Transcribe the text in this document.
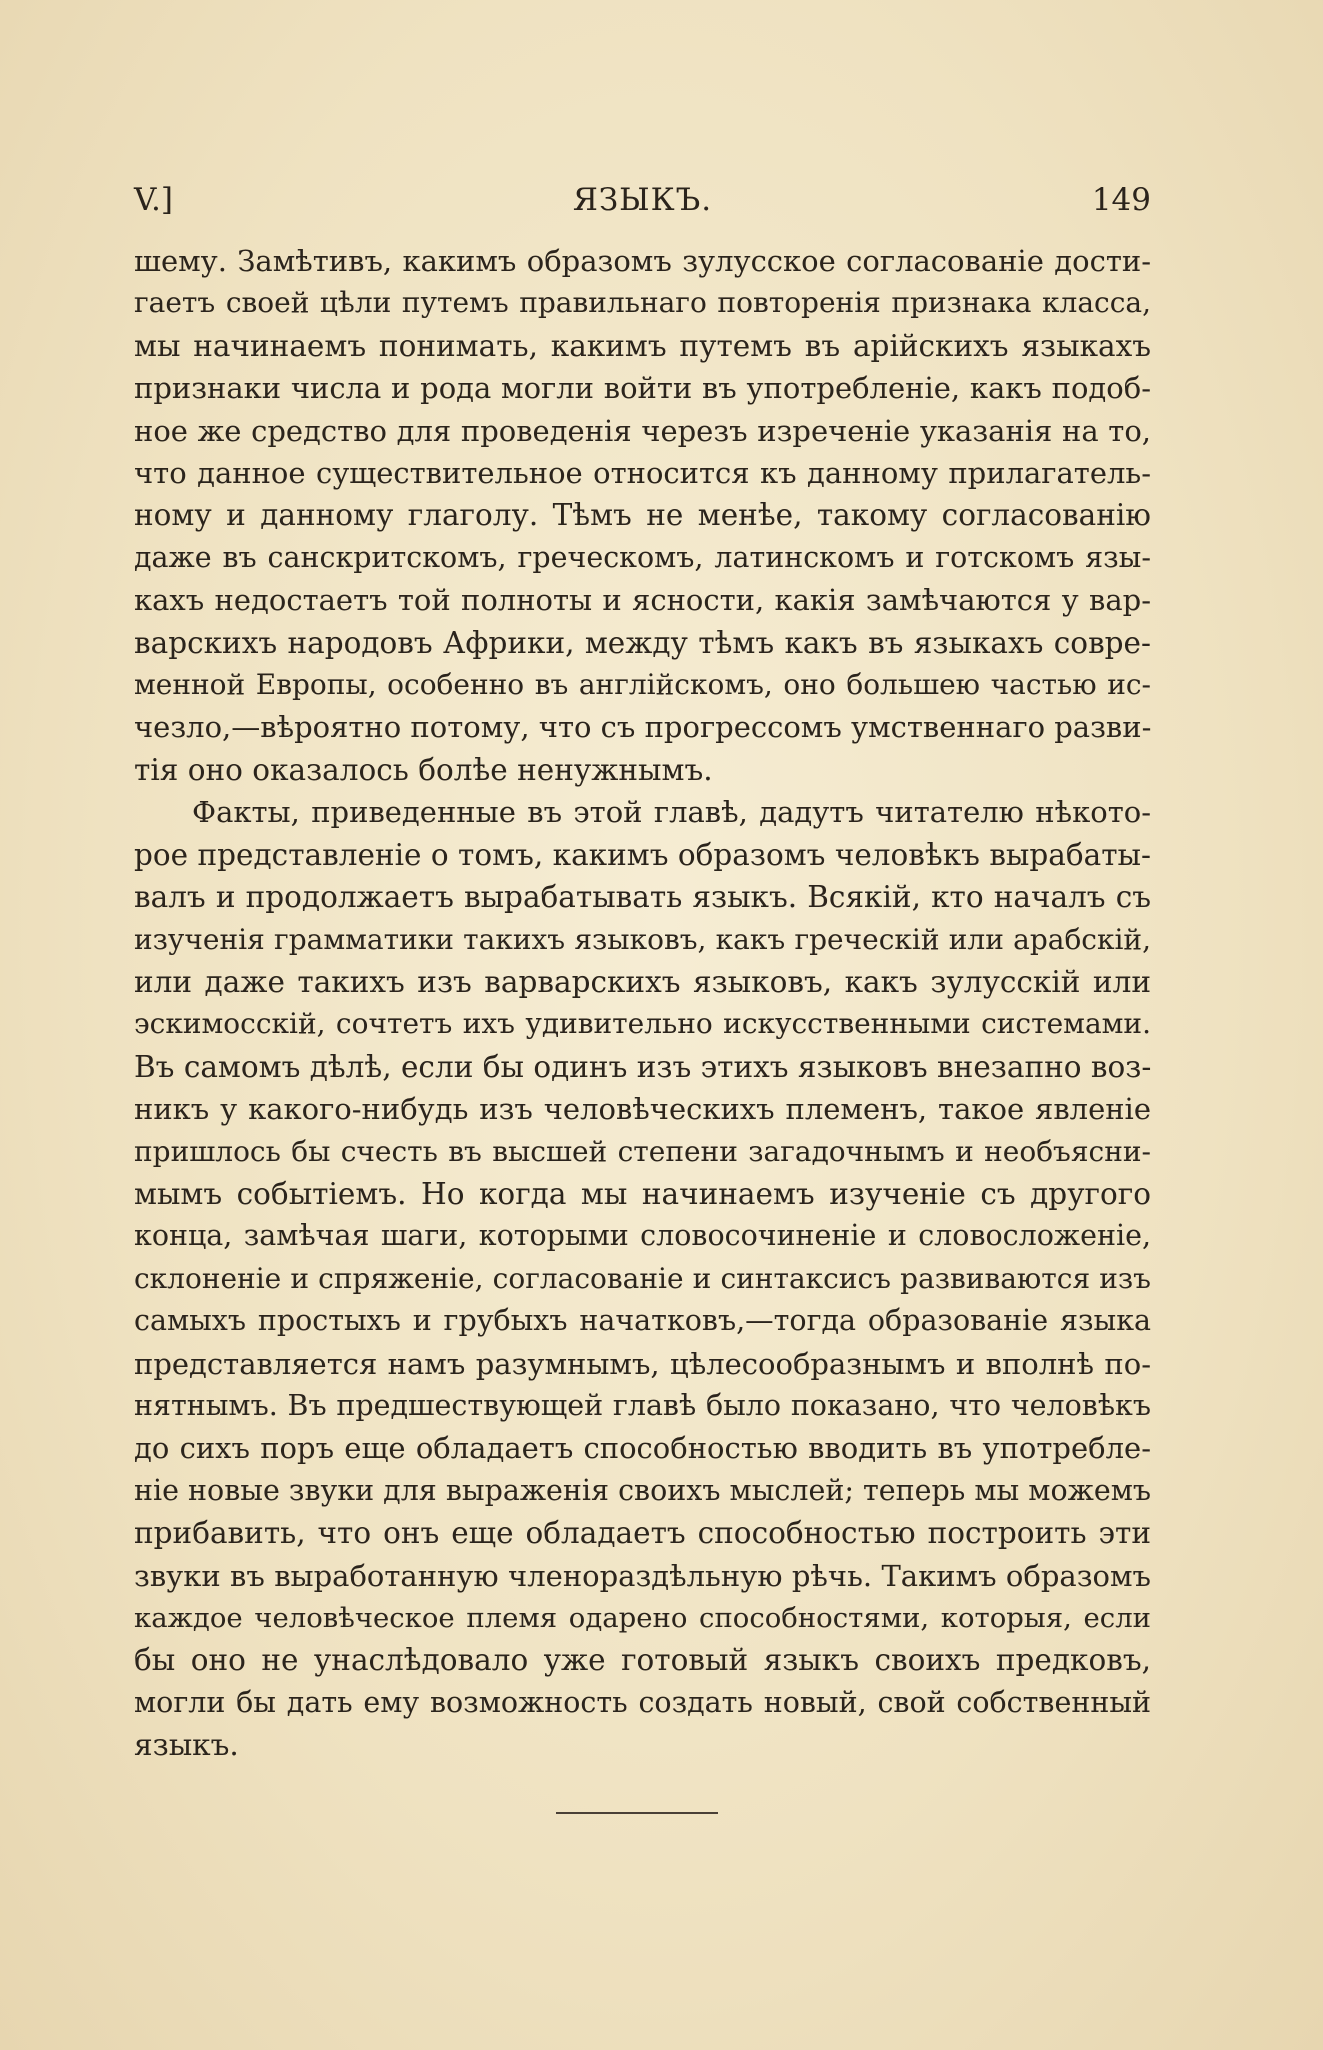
V.]	ЯЗЫКЪ.	149

шему. Замѣтивъ, какимъ образомъ зулусское согласованіе дости-
гаетъ своей цѣли путемъ правильнаго повторенія признака класса,
мы начинаемъ понимать, какимъ путемъ въ арійскихъ языкахъ
признаки числа и рода могли войти въ употребленіе, какъ подоб-
ное же средство для проведенія черезъ изреченіе указанія на то,
что данное существительное относится къ данному прилагатель-
ному и данному глаголу. Тѣмъ не менѣе, такому согласованію
даже въ санскритскомъ, греческомъ, латинскомъ и готскомъ язы-
кахъ недостаетъ той полноты и ясности, какія замѣчаются у вар-
варскихъ народовъ Африки, между тѣмъ какъ въ языкахъ совре-
менной Европы, особенно въ англійскомъ, оно большею частью ис-
чезло,—вѣроятно потому, что съ прогрессомъ умственнаго разви-
тія оно оказалось болѣе ненужнымъ.

Факты, приведенные въ этой главѣ, дадутъ читателю нѣкото-
рое представленіе о томъ, какимъ образомъ человѣкъ вырабаты-
валъ и продолжаетъ вырабатывать языкъ. Всякій, кто началъ съ
изученія грамматики такихъ языковъ, какъ греческій или арабскій,
или даже такихъ изъ варварскихъ языковъ, какъ зулусскій или
эскимосскій, сочтетъ ихъ удивительно искусственными системами.
Въ самомъ дѣлѣ, если бы одинъ изъ этихъ языковъ внезапно воз-
никъ у какого-нибудь изъ человѣческихъ племенъ, такое явленіе
пришлось бы счесть въ высшей степени загадочнымъ и необъясни-
мымъ событіемъ. Но когда мы начинаемъ изученіе съ другого
конца, замѣчая шаги, которыми словосочиненіе и словосложеніе,
склоненіе и спряженіе, согласованіе и синтаксисъ развиваются изъ
самыхъ простыхъ и грубыхъ начатковъ,—тогда образованіе языка
представляется намъ разумнымъ, цѣлесообразнымъ и вполнѣ по-
нятнымъ. Въ предшествующей главѣ было показано, что человѣкъ
до сихъ поръ еще обладаетъ способностью вводить въ употребле-
ніе новые звуки для выраженія своихъ мыслей; теперь мы можемъ
прибавить, что онъ еще обладаетъ способностью построить эти
звуки въ выработанную членораздѣльную рѣчь. Такимъ образомъ
каждое человѣческое племя одарено способностями, которыя, если
бы оно не унаслѣдовало уже готовый языкъ своихъ предковъ,
могли бы дать ему возможность создать новый, свой собственный
языкъ.
